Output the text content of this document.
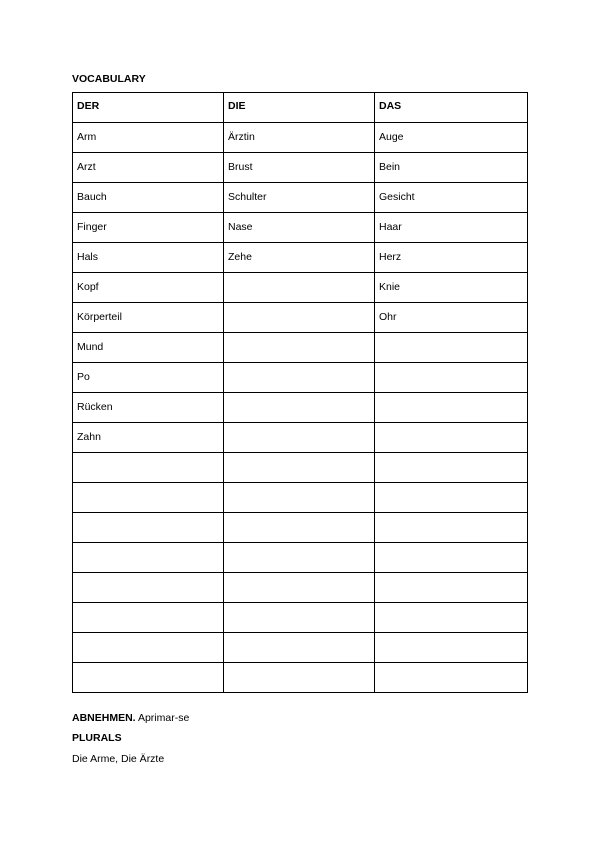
VOCABULARY
DER	DIE	DAS
Arm	Ärztin	Auge
Arzt	Brust	Bein
Bauch	Schulter	Gesicht
Finger	Nase	Haar
Hals	Zehe	Herz
Kopf		Knie
Körperteil		Ohr
Mund		
Po		
Rücken		
Zahn		

ABNEHMEN. Aprimar-se
PLURALS
Die Arme, Die Ärzte
